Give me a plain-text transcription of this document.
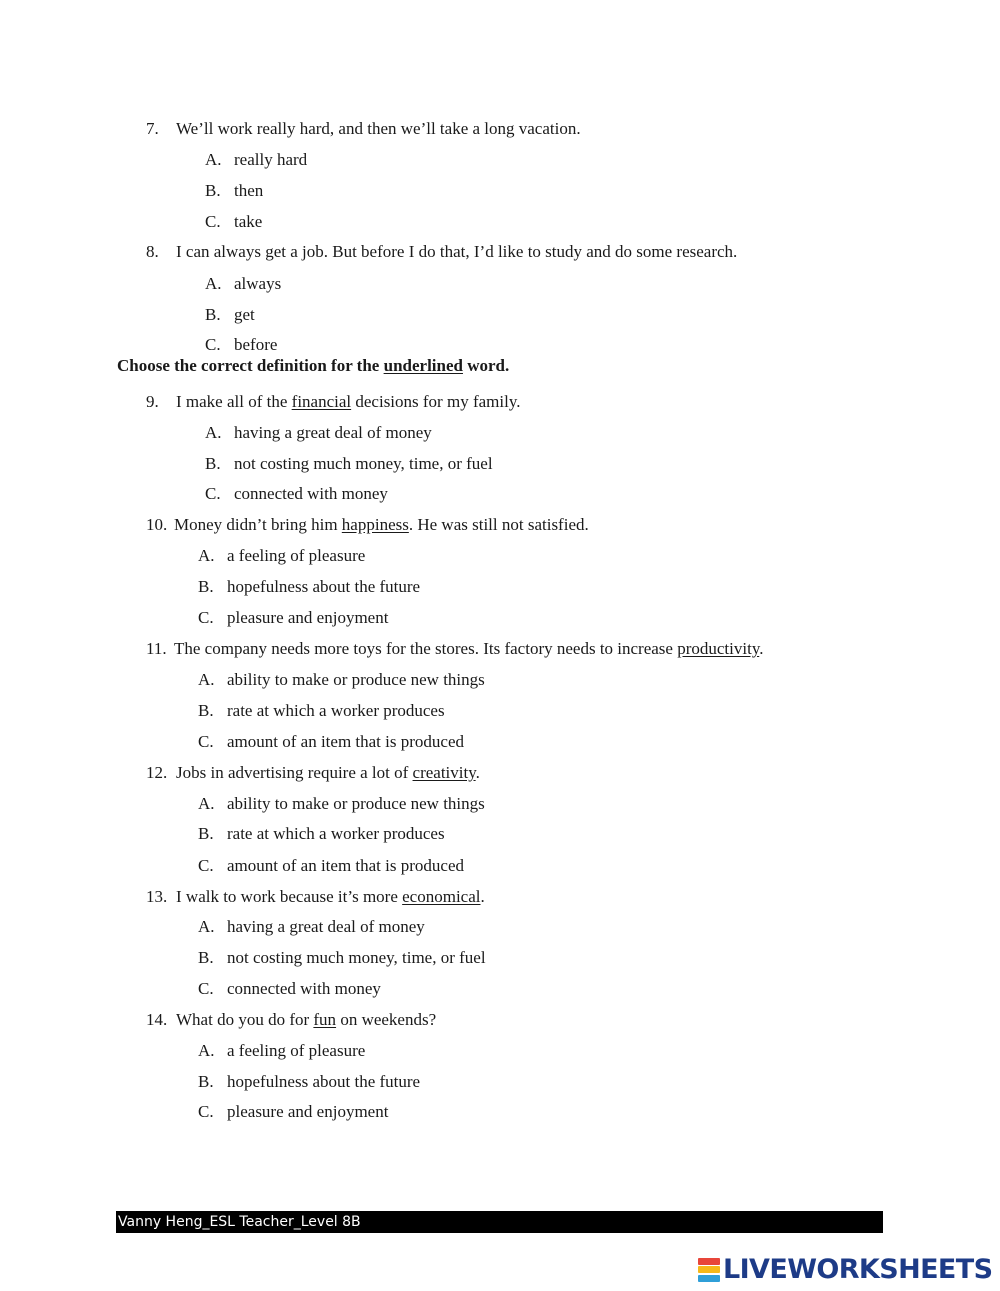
7. We’ll work really hard, and then we’ll take a long vacation.
A. really hard
B. then
C. take
8. I can always get a job. But before I do that, I’d like to study and do some research.
A. always
B. get
C. before
Choose the correct definition for the underlined word.
9. I make all of the financial decisions for my family.
A. having a great deal of money
B. not costing much money, time, or fuel
C. connected with money
10. Money didn’t bring him happiness. He was still not satisfied.
A. a feeling of pleasure
B. hopefulness about the future
C. pleasure and enjoyment
11. The company needs more toys for the stores. Its factory needs to increase productivity.
A. ability to make or produce new things
B. rate at which a worker produces
C. amount of an item that is produced
12. Jobs in advertising require a lot of creativity.
A. ability to make or produce new things
B. rate at which a worker produces
C. amount of an item that is produced
13. I walk to work because it’s more economical.
A. having a great deal of money
B. not costing much money, time, or fuel
C. connected with money
14. What do you do for fun on weekends?
A. a feeling of pleasure
B. hopefulness about the future
C. pleasure and enjoyment
Vanny Heng_ESL Teacher_Level 8B
LIVEWORKSHEETS
